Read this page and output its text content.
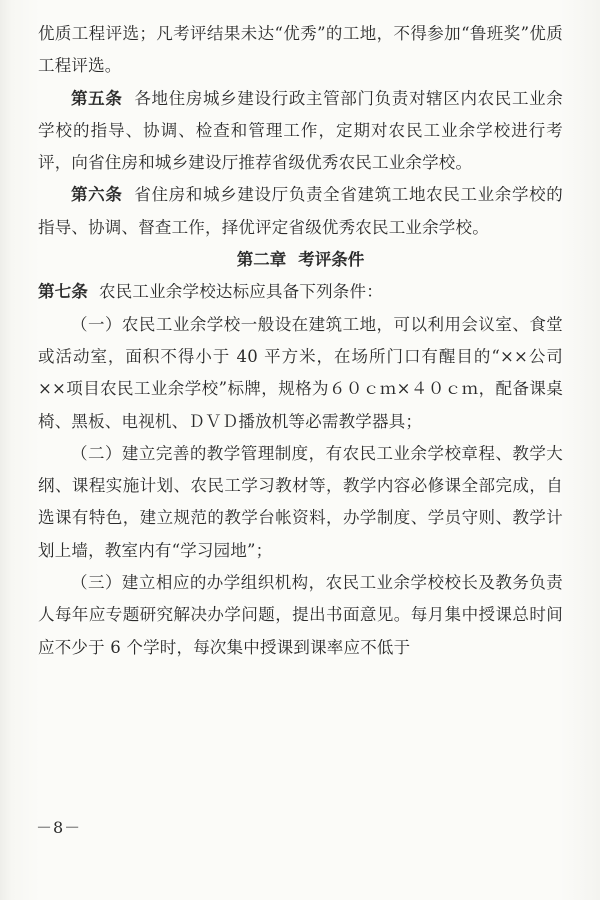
优质工程评选；凡考评结果未达“优秀”的工地，不得参加“鲁班奖”优质工程评选。

第五条 各地住房城乡建设行政主管部门负责对辖区内农民工业余学校的指导、协调、检查和管理工作，定期对农民工业余学校进行考评，向省住房和城乡建设厅推荐省级优秀农民工业余学校。

第六条 省住房和城乡建设厅负责全省建筑工地农民工业余学校的指导、协调、督查工作，择优评定省级优秀农民工业余学校。

第二章 考评条件

第七条 农民工业余学校达标应具备下列条件：

（一）农民工业余学校一般设在建筑工地，可以利用会议室、食堂或活动室，面积不得小于 40 平方米，在场所门口有醒目的“××公司××项目农民工业余学校”标牌，规格为６０ｃｍ×４０ｃｍ，配备课桌椅、黑板、电视机、ＤＶＤ播放机等必需教学器具；

（二）建立完善的教学管理制度，有农民工业余学校章程、教学大纲、课程实施计划、农民工学习教材等，教学内容必修课全部完成，自选课有特色，建立规范的教学台帐资料，办学制度、学员守则、教学计划上墙，教室内有“学习园地”；

（三）建立相应的办学组织机构，农民工业余学校校长及教务负责人每年应专题研究解决办学问题，提出书面意见。每月集中授课总时间应不少于 6 个学时，每次集中授课到课率应不低于

－8－
